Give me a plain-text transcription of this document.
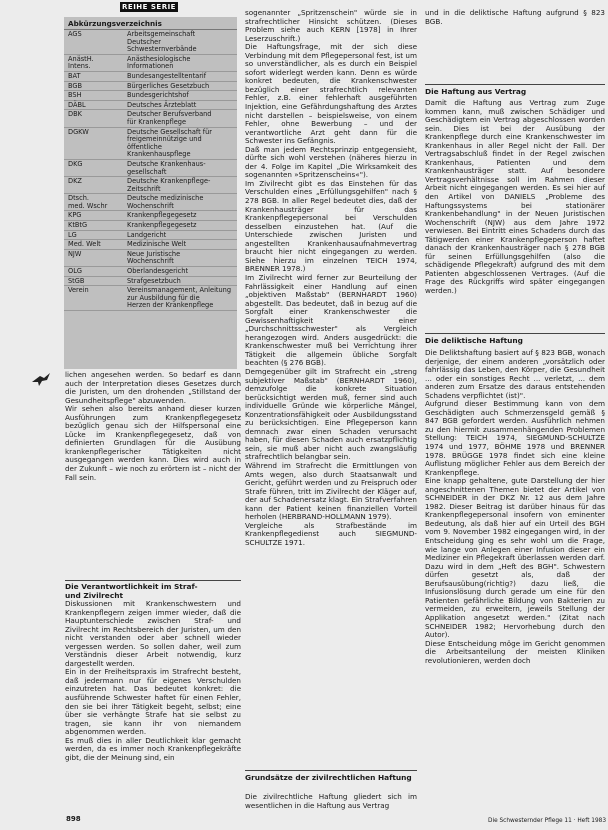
REIHE SERIE
Abkürzungsverzeichnis
AGS	Arbeitsgemeinschaft
Deutscher
Schwesternverbände
AnästH.
Intens.	Anästhesiologische
Informationen
BAT	Bundesangestelltentarif
BGB	Bürgerliches Gesetzbuch
BSH	Bundesgerichtshof
DÄBL	Deutsches Ärzteblatt
DBK	Deutscher Berufsverband
für Krankenpflege
DGKW	Deutsche Gesellschaft für
freigemeinnützige und öffentliche
Krankenhauspflege
DKG	Deutsche Krankenhaus-
gesellschaft
DKZ	Deutsche Krankenpflege-
Zeitschrift
Dtsch.
med. Wschr	Deutsche medizinische
Wochenschrift
KPG	Krankenpflegegesetz
KtBtG	Krankenpflegegesetz
LG	Landgericht
Med. Welt	Medizinische Welt
NJW	Neue Juristische
Wochenschrift
OLG	Oberlandesgericht
StGB	Strafgesetzbuch
Verein	Vereinsmanagement, Anleitung
zur Ausbildung für die
Herzen der Krankenpflege
lichen angesehen werden. So bedarf es dann auch der Interpretation dieses Gesetzes durch die Juristen, um den drohenden „Stillstand der Gesundheitspflege" abzuwenden.
Wir sehen also bereits anhand dieser kurzen Ausführungen zum Krankenpflegegesetz bezüglich genau sich der Hilfspersonal eine Lücke im Krankenpflegegesetz, daß von definierten Grundlagen für die Ausübung krankenpflegerischer Tätigkeiten nicht ausgegangen werden kann. Dies wird auch in der Zukunft – wie noch zu erörtern ist – nicht der Fall sein.
Die Verantwortlichkeit im Straf-
und Zivilrecht
Diskussionen mit Krankenschwestern und Krankenpflegern zeigen immer wieder, daß die Hauptunterschiede zwischen Straf- und Zivilrecht im Rechtsbereich der Juristen, um den nicht verstanden oder aber schnell wieder vergessen werden. So sollen daher, weil zum Verständnis dieser Arbeit notwendig, kurz dargestellt werden.
Ein in der Freiheitspraxis im Strafrecht besteht, daß jedermann nur für eigenes Verschulden einzutreten hat. Das bedeutet konkret: die ausführende Schwester haftet für einen Fehler, den sie bei ihrer Tätigkeit begeht, selbst; eine über sie verhängte Strafe hat sie selbst zu tragen, sie kann ihr von niemandem abgenommen werden.
Es muß dies in aller Deutlichkeit klar gemacht werden, da es immer noch Krankenpflegekräfte gibt, die der Meinung sind, ein
sogenannter „Spritzenschein" würde sie in strafrechtlicher Hinsicht schützen. (Dieses Problem siehe auch KERN [1978] in Ihrer Leserzuschrift.)
Die Haftungsfrage, mit der sich diese Verbindung mit dem Pflegepersonal fest, ist um so unverständlicher, als es durch ein Beispiel sofort widerlegt werden kann. Denn es würde konkret bedeuten, die Krankenschwester bezüglich einer strafrechtlich relevanten Fehler, z.B. einer fehlerhaft ausgeführten Injektion, eine Gefährdungshaftung des Arztes nicht darstellen – beispielsweise, von einem Fehler, ohne Bewerbung – und der verantwortliche Arzt geht dann für die Schwester ins Gefängnis.
Daß man jedem Rechtsprinzip entgegensieht, dürfte sich wohl verstehen (näheres hierzu in der 4. Folge im Kapitel „Die Wirksamkeit des sogenannten »Spritzenscheins«").
Im Zivilrecht gibt es das Einstehen für das Verschulden eines „Erfüllungsgehilfen" nach § 278 BGB. In aller Regel bedeutet dies, daß der Krankenhausträger für das Krankenpflegepersonal bei Verschulden desselben einzustehen hat. (Auf die Unterschiede zwischen Juristen und angestellten Krankenhausaufnahmevertrag braucht hier nicht eingegangen zu werden. Siehe hierzu im einzelnen TEICH 1974, BRENNER 1978.)
Im Zivilrecht wird ferner zur Beurteilung der Fahrlässigkeit einer Handlung auf einen „objektiven Maßstab" (BERNHARDT 1960) abgestellt. Das bedeutet, daß in bezug auf die Sorgfalt einer Krankenschwester die Gewissenhaftigkeit einer „Durchschnittsschwester" als Vergleich herangezogen wird. Anders ausgedrückt: die Krankenschwester muß bei Verrichtung ihrer Tätigkeit die allgemein übliche Sorgfalt beachten (§ 276 BGB).
Demgegenüber gilt im Strafrecht ein „streng subjektiver Maßstab" (BERNHARDT 1960), demzufolge die konkrete Situation berücksichtigt werden muß, ferner sind auch individuelle Gründe wie körperliche Mängel, Konzentrationsfähigkeit oder Ausbildungsstand zu berücksichtigen. Eine Pflegeperson kann demnach zwar einen Schaden verursacht haben, für diesen Schaden auch ersatzpflichtig sein, sie muß aber nicht auch zwangsläufig strafrechtlich belangbar sein.
Während im Strafrecht die Ermittlungen von Amts wegen, also durch Staatsanwalt und Gericht, geführt werden und zu Freispruch oder Strafe führen, tritt im Zivilrecht der Kläger auf, der auf Schadenersatz klagt. Ein Strafverfahren kann der Patient keinen finanziellen Vorteil herholen (HERBRAND-HOLLMANN 1979).
Vergleiche als Strafbestände im Krankenpflegedienst auch SIEGMUND-SCHULTZE 1971.
Grundsätze der zivilrechtlichen Haftung
Die zivilrechtliche Haftung gliedert sich im wesentlichen in die Haftung aus Vertrag
und in die deliktische Haftung aufgrund § 823 BGB.
Die Haftung aus Vertrag
Damit die Haftung aus Vertrag zum Zuge kommen kann, muß zwischen Schädiger und Geschädigtem ein Vertrag abgeschlossen worden sein. Dies ist bei der Ausübung der Krankenpflege durch eine Krankenschwester im Krankenhaus in aller Regel nicht der Fall. Der Vertragsabschluß findet in der Regel zwischen Krankenhaus, Patienten und dem Krankenhausträger statt. Auf besondere Vertragsverhältnisse soll im Rahmen dieser Arbeit nicht eingegangen werden. Es sei hier auf den Artikel von DANIELS „Probleme des Haftungssystems bei stationärer Krankenbehandlung" in der Neuen Juristischen Wochenschrift (NJW) aus dem Jahre 1972 verwiesen. Bei Eintritt eines Schadens durch das Tätigwerden einer Krankenpflegeperson haftet danach der Krankenhausträger nach § 278 BGB für seinen Erfüllungsgehilfen (also die schädigende Pflegekraft) aufgrund des mit dem Patienten abgeschlossenen Vertrages. (Auf die Frage des Rückgriffs wird später eingegangen werden.)
Die deliktische Haftung
Die Deliktshaftung basiert auf § 823 BGB, wonach derjenige, der einem anderen „vorsätzlich oder fahrlässig das Leben, den Körper, die Gesundheit ... oder ein sonstiges Recht ... verletzt, ... dem anderen zum Ersatze des daraus entstehenden Schadens verpflichtet (ist)".
Aufgrund dieser Bestimmung kann von dem Geschädigten auch Schmerzensgeld gemäß § 847 BGB gefordert werden. Ausführlich nehmen zu den hiermit zusammenhängenden Problemen Stellung: TEICH 1974, SIEGMUND-SCHULTZE 1974 und 1977, BÖHME 1978 und BRENNER 1978. BRÜGGE 1978 findet sich eine kleine Auflistung möglicher Fehler aus dem Bereich der Krankenpflege.
Eine knapp gehaltene, gute Darstellung der hier angeschnittenen Themen bietet der Artikel von SCHNEIDER in der DKZ Nr. 12 aus dem Jahre 1982. Dieser Beitrag ist darüber hinaus für das Krankenpflegepersonal insofern von eminenter Bedeutung, als daß hier auf ein Urteil des BGH vom 9. November 1982 eingegangen wird, in der Entscheidung ging es sehr wohl um die Frage, wie lange von Anlegen einer Infusion dieser ein Mediziner ein Pflegekraft überlassen werden darf. Dazu wird in dem „Heft des BGH". Schwestern dürfen gesetzt als, daß der Berufsausübung(richtig?) dazu ließ, die Infusionslösung durch gerade um eine für den Patienten gefährliche Bildung von Bakterien zu vermeiden, zu erweitern, jeweils Stellung der Applikation angesetzt werden." (Zitat nach SCHNEIDER 1982; Hervorhebung durch den Autor).
Diese Entscheidung möge im Gericht genommen die Arbeitsanteilung der meisten Kliniken revolutionieren, werden doch
898	Die Schwesternder Pflege 11 · Heft 1983
